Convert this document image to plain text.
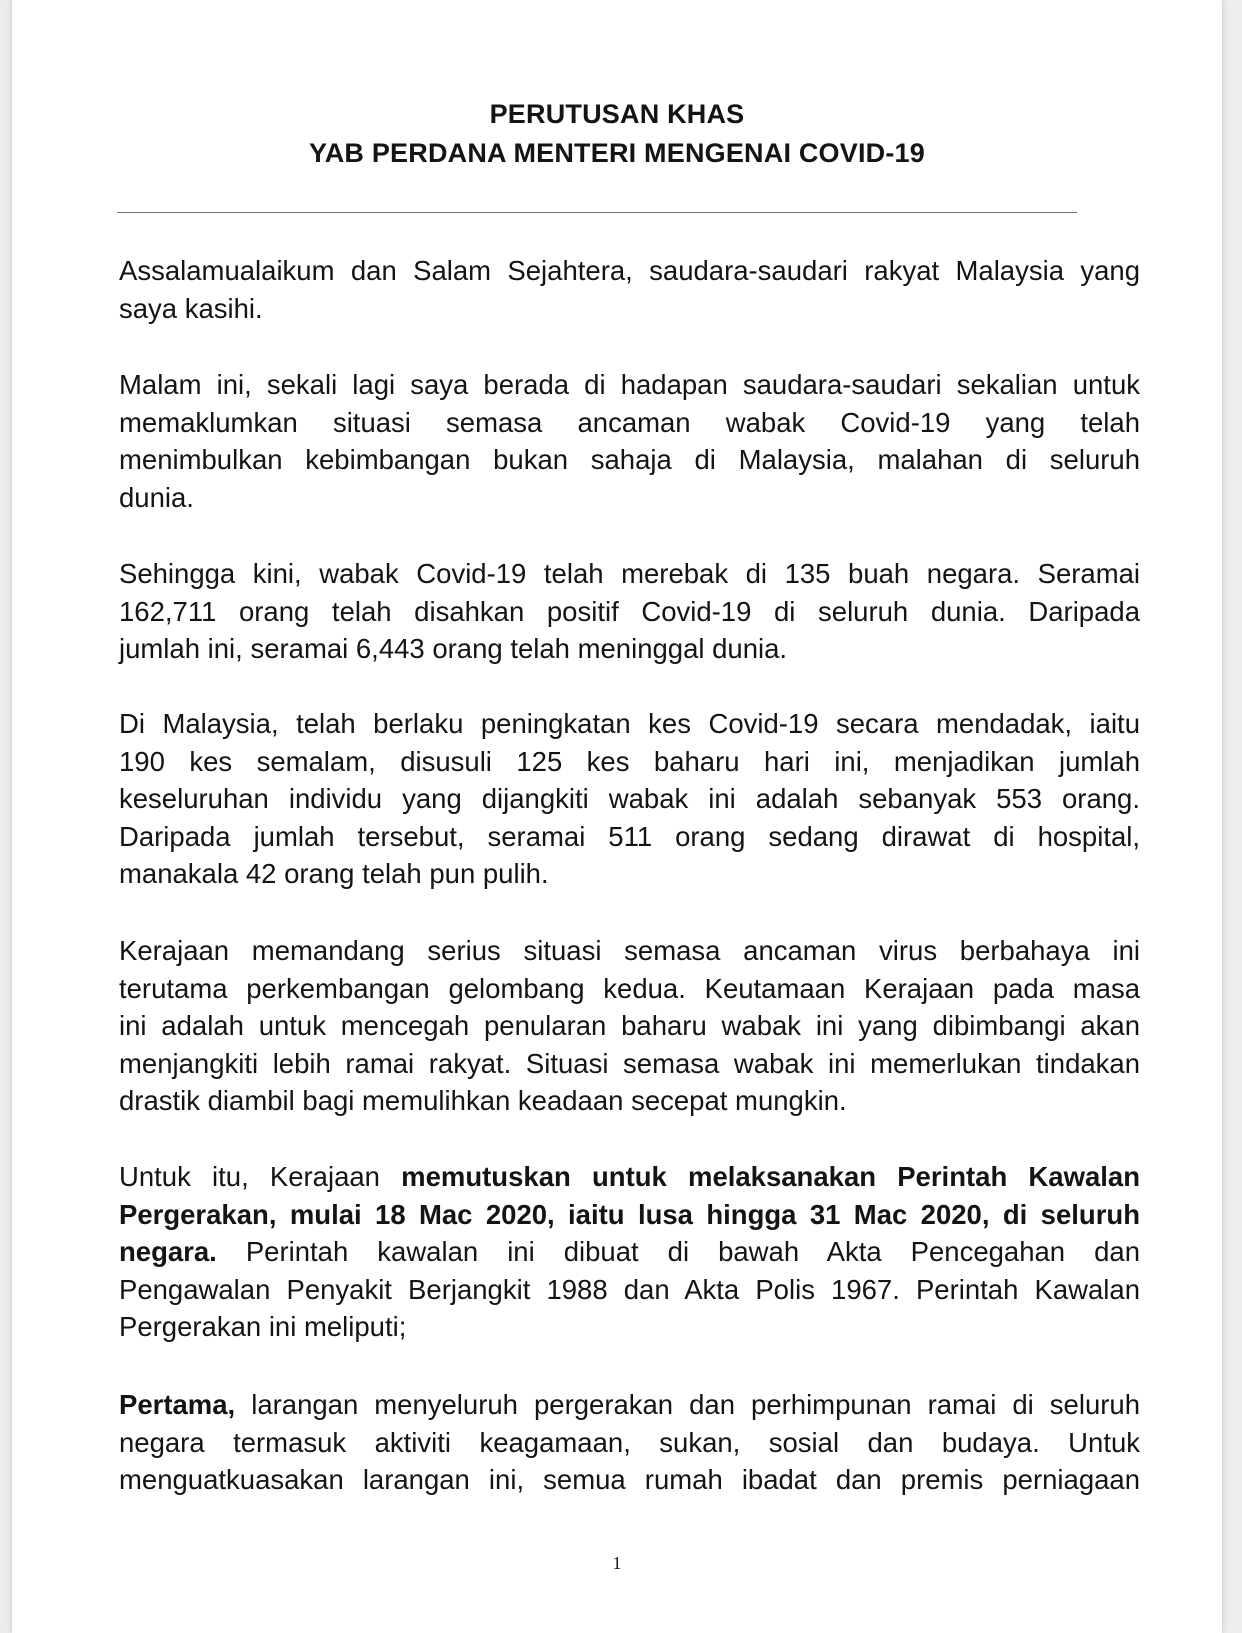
PERUTUSAN KHAS
YAB PERDANA MENTERI MENGENAI COVID-19
Assalamualaikum dan Salam Sejahtera, saudara-saudari rakyat Malaysia yang
saya kasihi.
Malam ini, sekali lagi saya berada di hadapan saudara-saudari sekalian untuk
memaklumkan situasi semasa ancaman wabak Covid-19 yang telah
menimbulkan kebimbangan bukan sahaja di Malaysia, malahan di seluruh
dunia.
Sehingga kini, wabak Covid-19 telah merebak di 135 buah negara. Seramai
162,711 orang telah disahkan positif Covid-19 di seluruh dunia. Daripada
jumlah ini, seramai 6,443 orang telah meninggal dunia.
Di Malaysia, telah berlaku peningkatan kes Covid-19 secara mendadak, iaitu
190 kes semalam, disusuli 125 kes baharu hari ini, menjadikan jumlah
keseluruhan individu yang dijangkiti wabak ini adalah sebanyak 553 orang.
Daripada jumlah tersebut, seramai 511 orang sedang dirawat di hospital,
manakala 42 orang telah pun pulih.
Kerajaan memandang serius situasi semasa ancaman virus berbahaya ini
terutama perkembangan gelombang kedua. Keutamaan Kerajaan pada masa
ini adalah untuk mencegah penularan baharu wabak ini yang dibimbangi akan
menjangkiti lebih ramai rakyat. Situasi semasa wabak ini memerlukan tindakan
drastik diambil bagi memulihkan keadaan secepat mungkin.
Untuk itu, Kerajaan memutuskan untuk melaksanakan Perintah Kawalan
Pergerakan, mulai 18 Mac 2020, iaitu lusa hingga 31 Mac 2020, di seluruh
negara. Perintah kawalan ini dibuat di bawah Akta Pencegahan dan
Pengawalan Penyakit Berjangkit 1988 dan Akta Polis 1967. Perintah Kawalan
Pergerakan ini meliputi;
Pertama, larangan menyeluruh pergerakan dan perhimpunan ramai di seluruh
negara termasuk aktiviti keagamaan, sukan, sosial dan budaya. Untuk
menguatkuasakan larangan ini, semua rumah ibadat dan premis perniagaan
1
